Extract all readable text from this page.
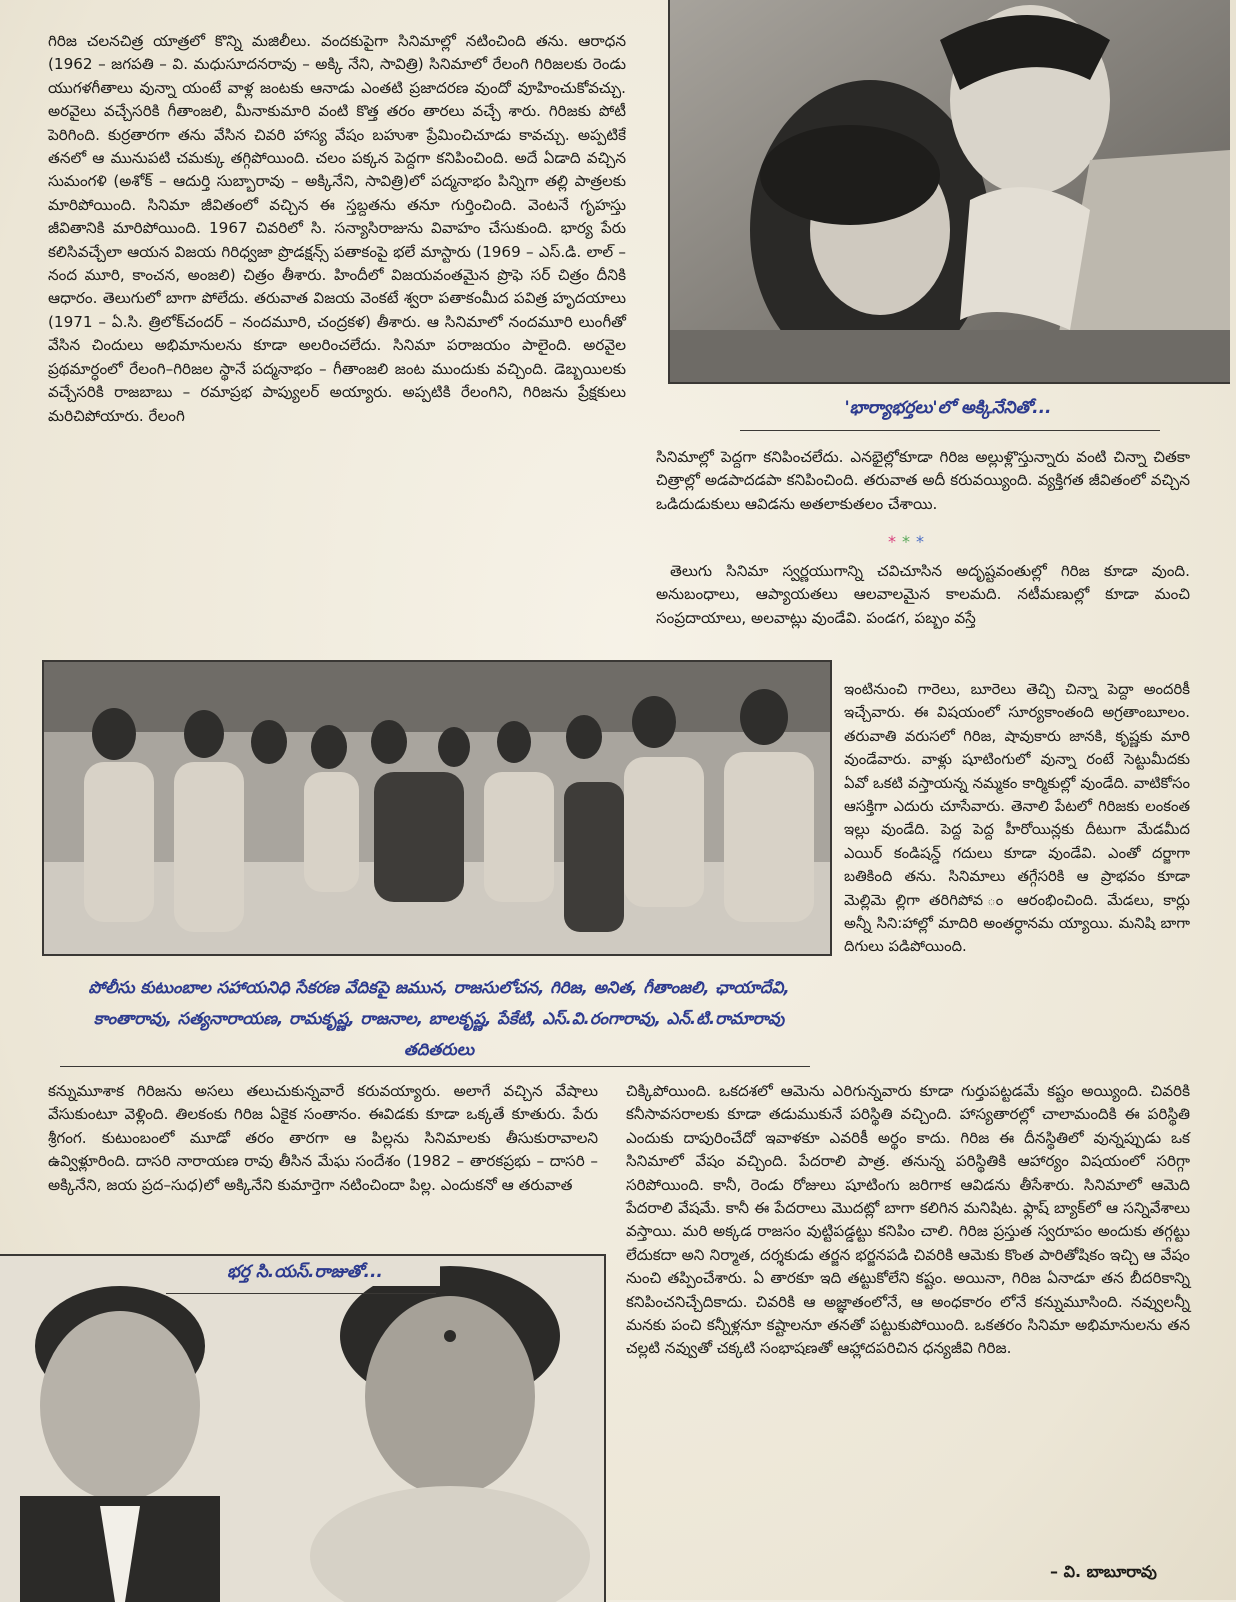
'భార్యాభర్తలు'లో అక్కినేనితో...

గిరిజ చలనచిత్ర యాత్రలో కొన్ని మజిలీలు. వందకుపైగా సినిమాల్లో నటించింది తను. ఆరాధన (1962 – జగపతి – వి. మధుసూదనరావు – అక్కి నేని, సావిత్రి) సినిమాలో రేలంగి గిరిజలకు రెండు యుగళగీతాలు వున్నా యంటే వాళ్ల జంటకు ఆనాడు ఎంతటి ప్రజాదరణ వుందో వూహించుకోవచ్చు. అరవైలు వచ్చేసరికి గీతాంజలి, మీనాకుమారి వంటి కొత్త తరం తారలు వచ్చే శారు. గిరిజకు పోటీ పెరిగింది. కుర్రతారగా తను వేసిన చివరి హాస్య వేషం బహుశా ప్రేమించిచూడు కావచ్చు. అప్పటికే తనలో ఆ మునుపటి చమక్కు తగ్గిపోయింది. చలం పక్కన పెద్దగా కనిపించింది. అదే ఏడాది వచ్చిన సుమంగళి (అశోక్ – ఆదుర్తి సుబ్బారావు – అక్కినేని, సావిత్రి)లో పద్మనాభం పిన్నిగా తల్లి పాత్రలకు మారిపోయింది. సినిమా జీవితంలో వచ్చిన ఈ స్తబ్దతను తనూ గుర్తించింది. వెంటనే గృహస్తు జీవితానికి మారిపోయింది. 1967 చివరిలో సి. సన్యాసిరాజును వివాహం చేసుకుంది. భార్య పేరు కలిసివచ్చేలా ఆయన విజయ గిరిధ్వజా ప్రొడక్షన్స్ పతాకంపై భలే మాస్టారు (1969 – ఎస్.డి. లాల్ – నంద మూరి, కాంచన, అంజలి) చిత్రం తీశారు. హిందీలో విజయవంతమైన ప్రొఫె సర్ చిత్రం దీనికి ఆధారం. తెలుగులో బాగా పోలేదు. తరువాత విజయ వెంకటే శ్వరా పతాకంమీద పవిత్ర హృదయాలు (1971 – ఏ.సి. త్రిలోక్‌చందర్ – నందమూరి, చంద్రకళ) తీశారు. ఆ సినిమాలో నందమూరి లుంగీతో వేసిన చిందులు అభిమానులను కూడా అలరించలేదు. సినిమా పరాజయం పాలైంది. అరవైల ప్రథమార్ధంలో రేలంగి–గిరిజల స్థానే పద్మనాభం – గీతాంజలి జంట ముందుకు వచ్చింది. డెబ్బయిలకు వచ్చేసరికి రాజబాబు – రమాప్రభ పాప్యులర్ అయ్యారు. అప్పటికి రేలంగిని, గిరిజను ప్రేక్షకులు మరిచిపోయారు. రేలంగి

సినిమాల్లో పెద్దగా కనిపించలేదు. ఎనభైల్లోకూడా గిరిజ అల్లుళ్లొస్తున్నారు వంటి చిన్నా చితకా చిత్రాల్లో అడపాదడపా కనిపించింది. తరువాత అదీ కరువయ్యింది. వ్యక్తిగత జీవితంలో వచ్చిన ఒడిదుడుకులు ఆవిడను అతలాకుతలం చేశాయి.

***

తెలుగు సినిమా స్వర్ణయుగాన్ని చవిచూసిన అదృష్టవంతుల్లో గిరిజ కూడా వుంది. అనుబంధాలు, ఆప్యాయతలు ఆలవాలమైన కాలమది. నటీమణుల్లో కూడా మంచి సంప్రదాయాలు, అలవాట్లు వుండేవి. పండగ, పబ్బం వస్తే

పోలీసు కుటుంబాల సహాయనిధి సేకరణ వేదికపై జమున, రాజసులోచన, గిరిజ, అనిత, గీతాంజలి, ఛాయాదేవి, కాంతారావు, సత్యనారాయణ, రామకృష్ణ, రాజనాల, బాలకృష్ణ, పేకేటి, ఎస్.వి.రంగారావు, ఎన్.టి.రామారావు తదితరులు

ఇంటినుంచి గారెలు, బూరెలు తెచ్చి చిన్నా పెద్దా అందరికీ ఇచ్చేవారు. ఈ విషయంలో సూర్యకాంతంది అగ్రతాంబూలం. తరువాతి వరుసలో గిరిజ, షావుకారు జానకి, కృష్ణకు మారి వుండేవారు. వాళ్లు షూటింగులో వున్నా రంటే సెట్టుమీదకు ఏవో ఒకటి వస్తాయన్న నమ్మకం కార్మికుల్లో వుండేది. వాటికోసం ఆసక్తిగా ఎదురు చూసేవారు. తెనాలి పేటలో గిరిజకు లంకంత ఇల్లు వుండేది. పెద్ద పెద్ద హీరోయిన్లకు దీటుగా మేడమీద ఎయిర్ కండిషన్డ్ గదులు కూడా వుండేవి. ఎంతో దర్జాగా బతికింది తను. సినిమాలు తగ్గేసరికి ఆ ప్రాభవం కూడా మెల్లిమె ల్లిగా తరిగిపోవ ం ఆరంభించింది. మేడలు, కార్లు అన్నీ సిని:హాల్లో మాదిరి అంతర్ధానమ య్యాయి. మనిషి బాగా దిగులు పడిపోయింది.

కన్నుమూశాక గిరిజను అసలు తలుచుకున్నవారే కరువయ్యారు. అలాగే వచ్చిన వేషాలు వేసుకుంటూ వెళ్లింది. తిలకంకు గిరిజ ఏకైక సంతానం. ఈవిడకు కూడా ఒక్కతే కూతురు. పేరు శ్రీగంగ. కుటుంబంలో మూడో తరం తారగా ఆ పిల్లను సినిమాలకు తీసుకురావాలని ఉవ్విళ్లూరింది. దాసరి నారాయణ రావు తీసిన మేఘ సందేశం (1982 – తారకప్రభు – దాసరి – అక్కినేని, జయ ప్రద–సుధ)లో అక్కినేని కుమార్తెగా నటించిందా పిల్ల. ఎందుకనో ఆ తరువాత

చిక్కిపోయింది. ఒకదశలో ఆమెను ఎరిగున్నవారు కూడా గుర్తుపట్టడమే కష్టం అయ్యింది. చివరికి కనీసావసరాలకు కూడా తడుముకునే పరిస్థితి వచ్చింది. హాస్యతారల్లో చాలామందికి ఈ పరిస్థితి ఎందుకు దాపురించేదో ఇవాళకూ ఎవరికీ అర్థం కాదు. గిరిజ ఈ దీనస్థితిలో వున్నప్పుడు ఒక సినిమాలో వేషం వచ్చింది. పేదరాలి పాత్ర. తనున్న పరిస్థితికి ఆహార్యం విషయంలో సరిగ్గా సరిపోయింది. కానీ, రెండు రోజులు షూటింగు జరిగాక ఆవిడను తీసేశారు. సినిమాలో ఆమెది పేదరాలి వేషమే. కానీ ఈ పేదరాలు మొదట్లో బాగా కలిగిన మనిషిట. ఫ్లాష్ బ్యాక్‌లో ఆ సన్నివేశాలు వస్తాయి. మరి అక్కడ రాజసం వుట్టిపడ్డట్టు కనిపిం చాలి. గిరిజ ప్రస్తుత స్వరూపం అందుకు తగ్గట్టు లేదుకదా అని నిర్మాత, దర్శకుడు తర్జన భర్జనపడి చివరికి ఆమెకు కొంత పారితోషికం ఇచ్చి ఆ వేషం నుంచి తప్పించేశారు. ఏ తారకూ ఇది తట్టుకోలేని కష్టం. అయినా, గిరిజ ఏనాడూ తన బీదరికాన్ని కనిపించనిచ్చేదికాదు. చివరికి ఆ అజ్ఞాతంలోనే, ఆ అంధకారం లోనే కన్నుమూసింది. నవ్వులన్నీ మనకు పంచి కన్నీళ్లనూ కష్టాలనూ తనతో పట్టుకుపోయింది. ఒకతరం సినిమా అభిమానులను తన చల్లటి నవ్వుతో చక్కటి సంభాషణతో ఆహ్లాదపరిచిన ధన్యజీవి గిరిజ.

భర్త సి.యస్.రాజుతో...

– వి. బాబూరావు
